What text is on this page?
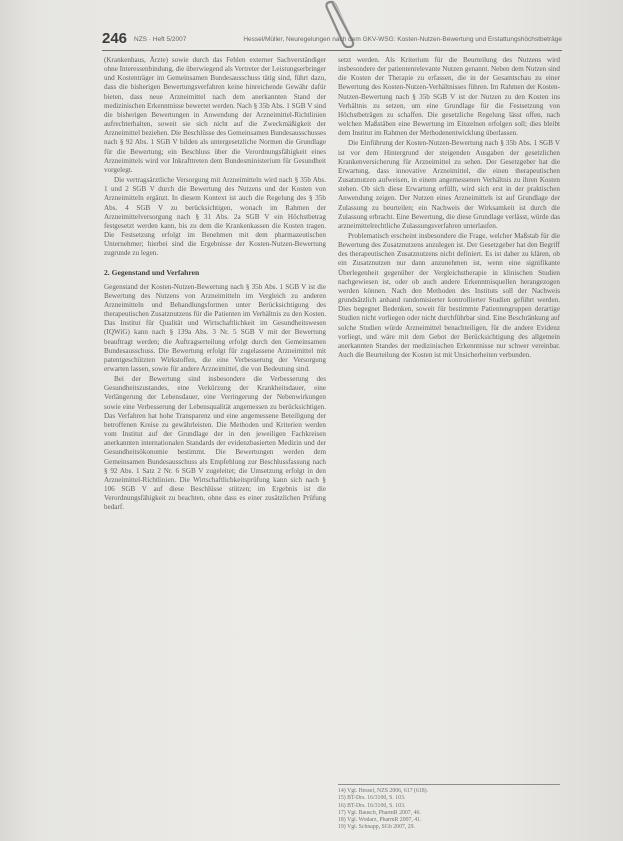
246 NZS · Heft 5/2007	Hessel/Müller, Neuregelungen nach dem GKV-WSG: Kosten-Nutzen-Bewertung und Erstattungshöchstbeträge

(Krankenhaus, Ärzte) sowie durch das Fehlen externer Sachverständiger ohne Interessenbindung, die überwiegend als Vertreter der Leistungserbringer und Kostenträger im Gemeinsamen Bundesausschuss tätig sind, führt dazu, dass die bisherigen Bewertungsverfahren keine hinreichende Gewähr dafür bieten, dass neue Arzneimittel nach dem anerkannten Stand der medizinischen Erkenntnisse bewertet werden. Nach § 35b Abs. 1 SGB V sind die bisherigen Bewertungen in Anwendung der Arzneimittel-Richtlinien aufrechterhalten, soweit sie sich nicht auf die Zweckmäßigkeit der Arzneimittel beziehen. Die Beschlüsse des Gemeinsamen Bundesausschusses nach § 92 Abs. 1 SGB V bilden als untergesetzliche Normen die Grundlage für die Bewertung; ein Beschluss über die Verordnungsfähigkeit eines Arzneimittels wird vor Inkrafttreten dem Bundesministerium für Gesundheit vorgelegt.

Die vertragsärztliche Versorgung mit Arzneimitteln wird nach § 35b Abs. 1 und 2 SGB V durch die Bewertung des Nutzens und der Kosten von Arzneimitteln ergänzt. In diesem Kontext ist auch die Regelung des § 35b Abs. 4 SGB V zu berücksichtigen, wonach im Rahmen der Arzneimittelversorgung nach § 31 Abs. 2a SGB V ein Höchstbetrag festgesetzt werden kann, bis zu dem die Krankenkassen die Kosten tragen. Die Festsetzung erfolgt im Benehmen mit dem pharmazeutischen Unternehmer; hierbei sind die Ergebnisse der Kosten-Nutzen-Bewertung zugrunde zu legen.

2. Gegenstand und Verfahren

Gegenstand der Kosten-Nutzen-Bewertung nach § 35b Abs. 1 SGB V ist die Bewertung des Nutzens von Arzneimitteln im Vergleich zu anderen Arzneimitteln und Behandlungsformen unter Berücksichtigung des therapeutischen Zusatznutzens für die Patienten im Verhältnis zu den Kosten. Das Institut für Qualität und Wirtschaftlichkeit im Gesundheitswesen (IQWiG) kann nach § 139a Abs. 3 Nr. 5 SGB V mit der Bewertung beauftragt werden; die Auftragserteilung erfolgt durch den Gemeinsamen Bundesausschuss. Die Bewertung erfolgt für zugelassene Arzneimittel mit patentgeschützten Wirkstoffen, die eine Verbesserung der Versorgung erwarten lassen, sowie für andere Arzneimittel, die von Bedeutung sind.

Bei der Bewertung sind insbesondere die Verbesserung des Gesundheitszustandes, eine Verkürzung der Krankheitsdauer, eine Verlängerung der Lebensdauer, eine Verringerung der Nebenwirkungen sowie eine Verbesserung der Lebensqualität angemessen zu berücksichtigen. Das Verfahren hat hohe Transparenz und eine angemessene Beteiligung der betroffenen Kreise zu gewährleisten. Die Methoden und Kriterien werden vom Institut auf der Grundlage der in den jeweiligen Fachkreisen anerkannten internationalen Standards der evidenzbasierten Medizin und der Gesundheitsökonomie bestimmt. Die Bewertungen werden dem Gemeinsamen Bundesausschuss als Empfehlung zur Beschlussfassung nach § 92 Abs. 1 Satz 2 Nr. 6 SGB V zugeleitet; die Umsetzung erfolgt in den Arzneimittel-Richtlinien. Die Wirtschaftlichkeitsprüfung kann sich nach § 106 SGB V auf diese Beschlüsse stützen; im Ergebnis ist die Verordnungsfähigkeit zu beachten, ohne dass es einer zusätzlichen Prüfung bedarf.

setzt werden. Als Kriterium für die Beurteilung des Nutzens wird insbesondere der patientenrelevante Nutzen genannt. Neben dem Nutzen sind die Kosten der Therapie zu erfassen, die in der Gesamtschau zu einer Bewertung des Kosten-Nutzen-Verhältnisses führen. Im Rahmen der Kosten-Nutzen-Bewertung nach § 35b SGB V ist der Nutzen zu den Kosten ins Verhältnis zu setzen, um eine Grundlage für die Festsetzung von Höchstbeträgen zu schaffen. Die gesetzliche Regelung lässt offen, nach welchen Maßstäben eine Bewertung im Einzelnen erfolgen soll; dies bleibt dem Institut im Rahmen der Methodenentwicklung überlassen.

Die Einführung der Kosten-Nutzen-Bewertung nach § 35b Abs. 1 SGB V ist vor dem Hintergrund der steigenden Ausgaben der gesetzlichen Krankenversicherung für Arzneimittel zu sehen. Der Gesetzgeber hat die Erwartung, dass innovative Arzneimittel, die einen therapeutischen Zusatznutzen aufweisen, in einem angemessenen Verhältnis zu ihren Kosten stehen. Ob sich diese Erwartung erfüllt, wird sich erst in der praktischen Anwendung zeigen. Der Nutzen eines Arzneimittels ist auf Grundlage der Zulassung zu beurteilen; ein Nachweis der Wirksamkeit ist durch die Zulassung erbracht. Eine Bewertung, die diese Grundlage verlässt, würde das arzneimittelrechtliche Zulassungsverfahren unterlaufen.

Problematisch erscheint insbesondere die Frage, welcher Maßstab für die Bewertung des Zusatznutzens anzulegen ist. Der Gesetzgeber hat den Begriff des therapeutischen Zusatznutzens nicht definiert. Es ist daher zu klären, ob ein Zusatznutzen nur dann anzunehmen ist, wenn eine signifikante Überlegenheit gegenüber der Vergleichstherapie in klinischen Studien nachgewiesen ist, oder ob auch andere Erkenntnisquellen herangezogen werden können. Nach den Methoden des Instituts soll der Nachweis grundsätzlich anhand randomisierter kontrollierter Studien geführt werden. Dies begegnet Bedenken, soweit für bestimmte Patientengruppen derartige Studien nicht vorliegen oder nicht durchführbar sind. Eine Beschränkung auf solche Studien würde Arzneimittel benachteiligen, für die andere Evidenz vorliegt, und wäre mit dem Gebot der Berücksichtigung des allgemein anerkannten Standes der medizinischen Erkenntnisse nur schwer vereinbar. Auch die Beurteilung der Kosten ist mit Unsicherheiten verbunden.

14) Vgl. Hessel, NZS 2006, 617 (618).
15) BT-Drs. 16/3100, S. 103.
16) BT-Drs. 16/3100, S. 103.
17) Vgl. Bausch, PharmR 2007, 46.
18) Vgl. Wodarz, PharmR 2007, 41.
19) Vgl. Schnapp, SGb 2007, 29.
